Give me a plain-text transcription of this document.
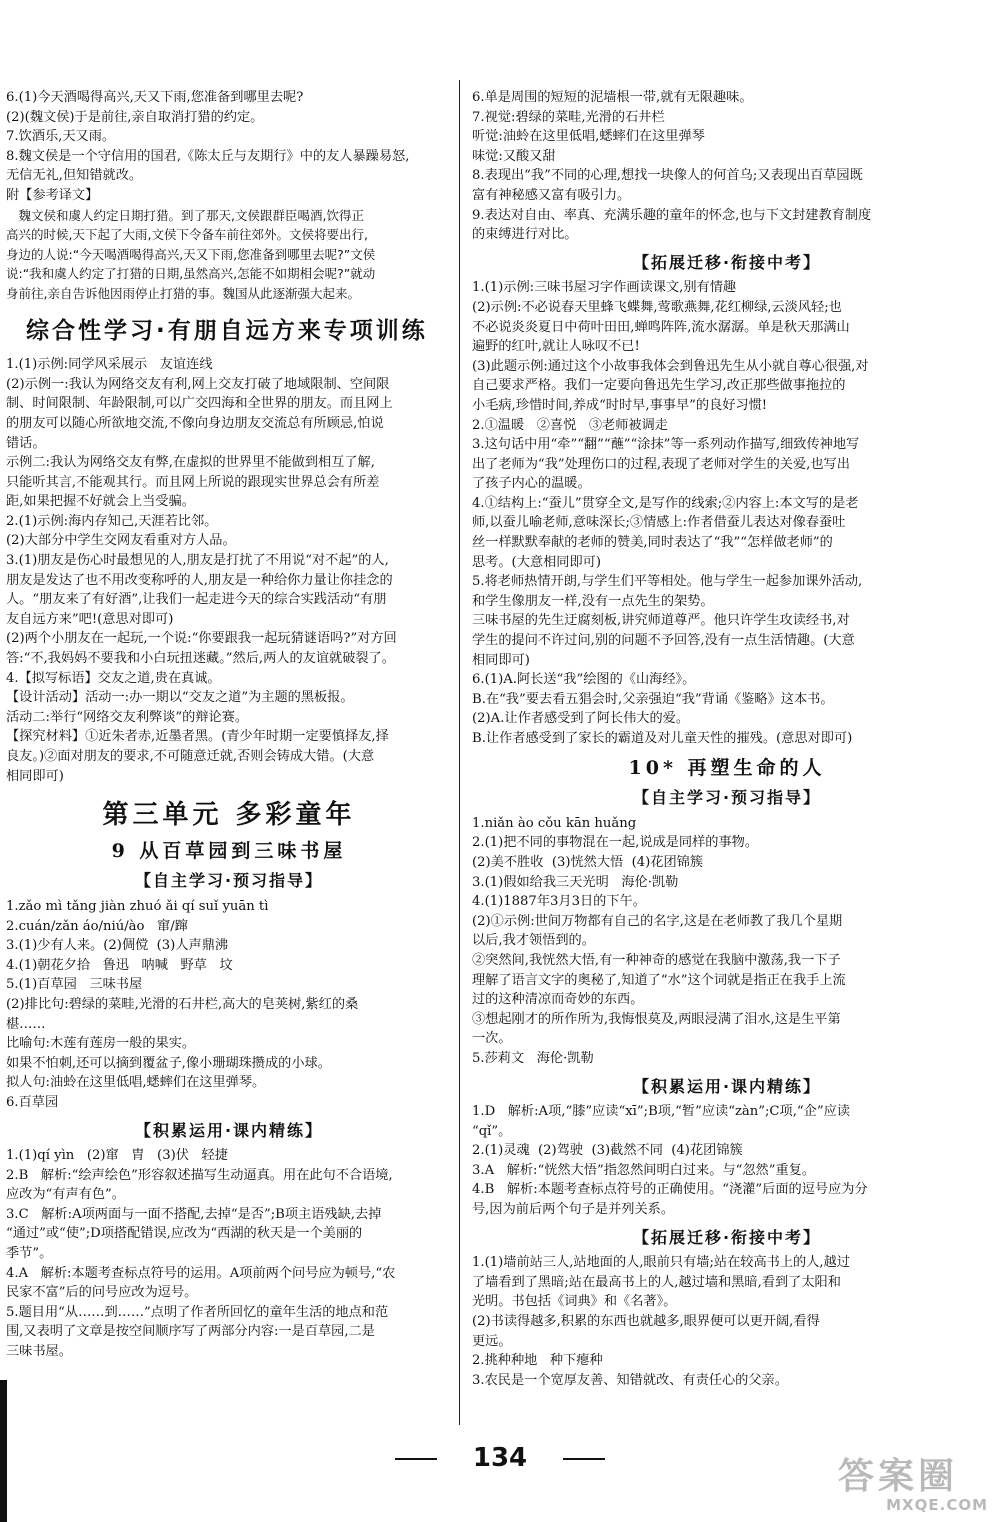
6.(1)今天酒喝得高兴,天又下雨,您准备到哪里去呢?
(2)(魏文侯)于是前往,亲自取消打猎的约定。
7.饮酒乐,天又雨。
8.魏文侯是一个守信用的国君,《陈太丘与友期行》中的友人暴躁易怒,
无信无礼,但知错就改。
附【参考译文】
魏文侯和虞人约定日期打猎。到了那天,文侯跟群臣喝酒,饮得正
高兴的时候,天下起了大雨,文侯下令备车前往郊外。文侯将要出行,
身边的人说:“今天喝酒喝得高兴,天又下雨,您准备到哪里去呢?”文侯
说:“我和虞人约定了打猎的日期,虽然高兴,怎能不如期相会呢?”就动
身前往,亲自告诉他因雨停止打猎的事。魏国从此逐渐强大起来。
综合性学习·有朋自远方来专项训练
1.(1)示例:同学风采展示   友谊连线
(2)示例一:我认为网络交友有利,网上交友打破了地域限制、空间限
制、时间限制、年龄限制,可以广交四海和全世界的朋友。而且网上
的朋友可以随心所欲地交流,不像向身边朋友交流总有所顾忌,怕说
错话。
示例二:我认为网络交友有弊,在虚拟的世界里不能做到相互了解,
只能听其言,不能观其行。而且网上所说的跟现实世界总会有所差
距,如果把握不好就会上当受骗。
2.(1)示例:海内存知己,天涯若比邻。
(2)大部分中学生交网友看重对方人品。
3.(1)朋友是伤心时最想见的人,朋友是打扰了不用说“对不起”的人,
朋友是发达了也不用改变称呼的人,朋友是一种给你力量让你挂念的
人。“朋友来了有好酒”,让我们一起走进今天的综合实践活动“有朋
友自远方来”吧!(意思对即可)
(2)两个小朋友在一起玩,一个说:“你要跟我一起玩猜谜语吗?”对方回
答:“不,我妈妈不要我和小白玩扭迷藏。”然后,两人的友谊就破裂了。
4.【拟写标语】交友之道,贵在真诚。
【设计活动】活动一:办一期以“交友之道”为主题的黑板报。
活动二:举行“网络交友利弊谈”的辩论赛。
【探究材料】①近朱者赤,近墨者黑。(青少年时期一定要慎择友,择
良友。)②面对朋友的要求,不可随意迁就,否则会铸成大错。(大意
相同即可)
第三单元 多彩童年
9 从百草园到三味书屋
【自主学习·预习指导】
1.zǎo mì tǎng jiàn zhuó ǎi qí suǐ yuān tì
2.cuán/zǎn áo/niú/ào   窜/蹿
3.(1)少有人来。(2)倜傥  (3)人声鼎沸
4.(1)朝花夕拾   鲁迅   呐喊   野草   坟
5.(1)百草园   三味书屋
(2)排比句:碧绿的菜畦,光滑的石井栏,高大的皂荚树,紫红的桑
椹……
比喻句:木莲有莲房一般的果实。
如果不怕刺,还可以摘到覆盆子,像小珊瑚珠攒成的小球。
拟人句:油蛉在这里低唱,蟋蟀们在这里弹琴。
6.百草园
【积累运用·课内精练】
1.(1)qí yìn   (2)窜   胄   (3)伏   轻捷
2.B   解析:“绘声绘色”形容叙述描写生动逼真。用在此句不合语境,
应改为“有声有色”。
3.C   解析:A项两面与一面不搭配,去掉“是否”;B项主语残缺,去掉
“通过”或“使”;D项搭配错误,应改为“西湖的秋天是一个美丽的
季节”。
4.A   解析:本题考查标点符号的运用。A项前两个问号应为顿号,“农
民家不富”后的问号应改为逗号。
5.题目用“从……到……”点明了作者所回忆的童年生活的地点和范
围,又表明了文章是按空间顺序写了两部分内容:一是百草园,二是
三味书屋。
6.单是周围的短短的泥墙根一带,就有无限趣味。
7.视觉:碧绿的菜畦,光滑的石井栏
听觉:油蛉在这里低唱,蟋蟀们在这里弹琴
味觉:又酸又甜
8.表现出“我”不同的心理,想找一块像人的何首乌;又表现出百草园既
富有神秘感又富有吸引力。
9.表达对自由、率真、充满乐趣的童年的怀念,也与下文封建教育制度
的束缚进行对比。
【拓展迁移·衔接中考】
1.(1)示例:三味书屋习字作画读课文,别有情趣
(2)示例:不必说春天里蜂飞蝶舞,莺歌燕舞,花红柳绿,云淡风轻;也
不必说炎炎夏日中荷叶田田,蝉鸣阵阵,流水潺潺。单是秋天那满山
遍野的红叶,就让人咏叹不已!
(3)此题示例:通过这个小故事我体会到鲁迅先生从小就自尊心很强,对
自己要求严格。我们一定要向鲁迅先生学习,改正那些做事拖拉的
小毛病,珍惜时间,养成“时时早,事事早”的良好习惯!
2.①温暖   ②喜悦   ③老师被调走
3.这句话中用“牵”“翻”“蘸”“涂抹”等一系列动作描写,细致传神地写
出了老师为“我”处理伤口的过程,表现了老师对学生的关爱,也写出
了孩子内心的温暖。
4.①结构上:“蚕儿”贯穿全文,是写作的线索;②内容上:本文写的是老
师,以蚕儿喻老师,意味深长;③情感上:作者借蚕儿表达对像春蚕吐
丝一样默默奉献的老师的赞美,同时表达了“我”“怎样做老师”的
思考。(大意相同即可)
5.将老师热情开朗,与学生们平等相处。他与学生一起参加课外活动,
和学生像朋友一样,没有一点先生的架势。
三味书屋的先生迂腐刻板,讲究师道尊严。他只许学生攻读经书,对
学生的提问不许过问,别的问题不予回答,没有一点生活情趣。(大意
相同即可)
6.(1)A.阿长送“我”绘图的《山海经》。
B.在“我”要去看五猖会时,父亲强迫“我”背诵《鉴略》这本书。
(2)A.让作者感受到了阿长伟大的爱。
B.让作者感受到了家长的霸道及对儿童天性的摧残。(意思对即可)
10* 再塑生命的人
【自主学习·预习指导】
1.niǎn ào cǒu kān huǎng
2.(1)把不同的事物混在一起,说成是同样的事物。
(2)美不胜收  (3)恍然大悟  (4)花团锦簇
3.(1)假如给我三天光明   海伦·凯勒
4.(1)1887年3月3日的下午。
(2)①示例:世间万物都有自己的名字,这是在老师教了我几个星期
以后,我才领悟到的。
②突然间,我恍然大悟,有一种神奇的感觉在我脑中激荡,我一下子
理解了语言文字的奥秘了,知道了“水”这个词就是指正在我手上流
过的这种清凉而奇妙的东西。
③想起刚才的所作所为,我悔恨莫及,两眼浸满了泪水,这是生平第
一次。
5.莎莉文   海伦·凯勒
【积累运用·课内精练】
1.D   解析:A项,“膝”应读“xī”;B项,“暂”应读“zàn”;C项,“企”应读
“qǐ”。
2.(1)灵魂  (2)驾驶  (3)截然不同  (4)花团锦簇
3.A   解析:“恍然大悟”指忽然间明白过来。与“忽然”重复。
4.B   解析:本题考查标点符号的正确使用。“浇灌”后面的逗号应为分
号,因为前后两个句子是并列关系。
【拓展迁移·衔接中考】
1.(1)墙前站三人,站地面的人,眼前只有墙;站在较高书上的人,越过
了墙看到了黑暗;站在最高书上的人,越过墙和黑暗,看到了太阳和
光明。书包括《词典》和《名著》。
(2)书读得越多,积累的东西也就越多,眼界便可以更开阔,看得
更远。
2.挑种种地   种下瘪种
3.农民是一个宽厚友善、知错就改、有责任心的父亲。
134	答案圈
MXQE.COM
